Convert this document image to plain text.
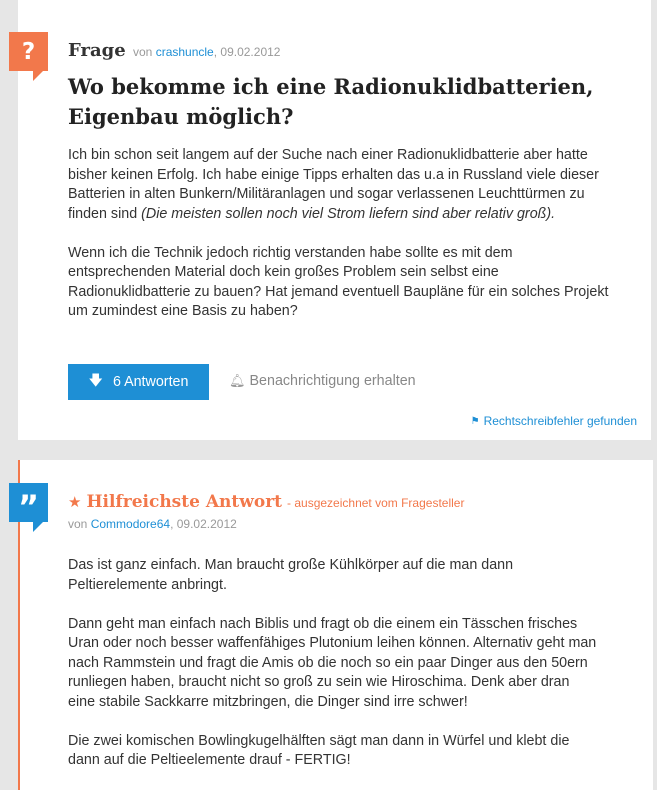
?	Frage von crashuncle, 09.02.2012
Wo bekomme ich eine Radionuklidbatterien, Eigenbau möglich?

Ich bin schon seit langem auf der Suche nach einer Radionuklidbatterie aber hatte bisher keinen Erfolg. Ich habe einige Tipps erhalten das u.a in Russland viele dieser Batterien in alten Bunkern/Militäranlagen und sogar verlassenen Leuchttürmen zu finden sind (Die meisten sollen noch viel Strom liefern sind aber relativ groß).

Wenn ich die Technik jedoch richtig verstanden habe sollte es mit dem entsprechenden Material doch kein großes Problem sein selbst eine Radionuklidbatterie zu bauen? Hat jemand eventuell Baupläne für ein solches Projekt um zumindest eine Basis zu haben?

🡇 6 Antworten	🔔︎ Benachrichtigung erhalten
⚑ Rechtschreibfehler gefunden
”	★ Hilfreichste Antwort - ausgezeichnet vom Fragesteller
von Commodore64, 09.02.2012

Das ist ganz einfach. Man braucht große Kühlkörper auf die man dann Peltierelemente anbringt.

Dann geht man einfach nach Biblis und fragt ob die einem ein Tässchen frisches Uran oder noch besser waffenfähiges Plutonium leihen können. Alternativ geht man nach Rammstein und fragt die Amis ob die noch so ein paar Dinger aus den 50ern runliegen haben, braucht nicht so groß zu sein wie Hiroschima. Denk aber dran eine stabile Sackkarre mitzbringen, die Dinger sind irre schwer!

Die zwei komischen Bowlingkugelhälften sägt man dann in Würfel und klebt die dann auf die Peltieelemente drauf - FERTIG!
